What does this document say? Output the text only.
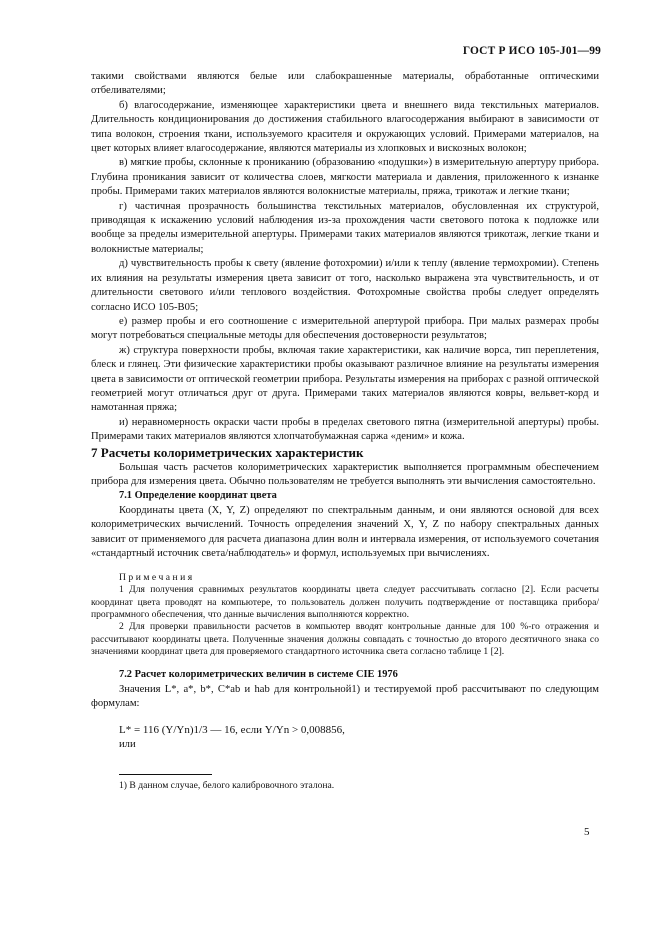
ГОСТ Р ИСО 105-J01—99

такими свойствами являются белые или слабокрашенные материалы, обработанные оптическими отбеливателями;

б) влагосодержание, изменяющее характеристики цвета и внешнего вида текстильных материалов. Длительность кондиционирования до достижения стабильного влагосодержания выбирают в зависимости от типа волокон, строения ткани, используемого красителя и окружающих условий. Примерами материалов, на цвет которых влияет влагосодержание, являются материалы из хлопковых и вискозных волокон;

в) мягкие пробы, склонные к прониканию (образованию «подушки») в измерительную апертуру прибора. Глубина проникания зависит от количества слоев, мягкости материала и давления, приложенного к изнанке пробы. Примерами таких материалов являются волокнистые материалы, пряжа, трикотаж и легкие ткани;

г) частичная прозрачность большинства текстильных материалов, обусловленная их структурой, приводящая к искажению условий наблюдения из-за прохождения части светового потока к подложке или вообще за пределы измерительной апертуры. Примерами таких материалов являются трикотаж, легкие ткани и волокнистые материалы;

д) чувствительность пробы к свету (явление фотохромии) и/или к теплу (явление термохромии). Степень их влияния на результаты измерения цвета зависит от того, насколько выражена эта чувствительность, и от длительности светового и/или теплового воздействия. Фотохромные свойства пробы следует определять согласно ИСО 105-B05;

е) размер пробы и его соотношение с измерительной апертурой прибора. При малых размерах пробы могут потребоваться специальные методы для обеспечения достоверности результатов;

ж) структура поверхности пробы, включая такие характеристики, как наличие ворса, тип переплетения, блеск и глянец. Эти физические характеристики пробы оказывают различное влияние на результаты измерения цвета в зависимости от оптической геометрии прибора. Результаты измерения на приборах с разной оптической геометрией могут отличаться друг от друга. Примерами таких материалов являются ковры, вельвет-корд и намотанная пряжа;

и) неравномерность окраски части пробы в пределах светового пятна (измерительной апертуры) пробы. Примерами таких материалов являются хлопчатобумажная саржа «деним» и кожа.

7 Расчеты колориметрических характеристик

Большая часть расчетов колориметрических характеристик выполняется программным обеспечением прибора для измерения цвета. Обычно пользователям не требуется выполнять эти вычисления самостоятельно.

7.1 Определение координат цвета

Координаты цвета (X, Y, Z) определяют по спектральным данным, и они являются основой для всех колориметрических вычислений. Точность определения значений X, Y, Z по набору спектральных данных зависит от применяемого для расчета диапазона длин волн и интервала измерения, от используемого сочетания «стандартный источник света/наблюдатель» и формул, используемых при вычислениях.

Примечания

1 Для получения сравнимых результатов координаты цвета следует рассчитывать согласно [2]. Если расчеты координат цвета проводят на компьютере, то пользователь должен получить подтверждение от поставщика прибора/программного обеспечения, что данные вычисления выполняются корректно.

2 Для проверки правильности расчетов в компьютер вводят контрольные данные для 100 %-го отражения и рассчитывают координаты цвета. Полученные значения должны совпадать с точностью до второго десятичного знака со значениями координат цвета для проверяемого стандартного источника света согласно таблице 1 [2].

7.2 Расчет колориметрических величин в системе CIE 1976

Значения L*, a*, b*, C*ab и hab для контрольной1) и тестируемой проб рассчитывают по следующим формулам:

L* = 116 (Y/Yn)1/3 — 16, если Y/Yn > 0,008856,

или

1) В данном случае, белого калибровочного эталона.

5
